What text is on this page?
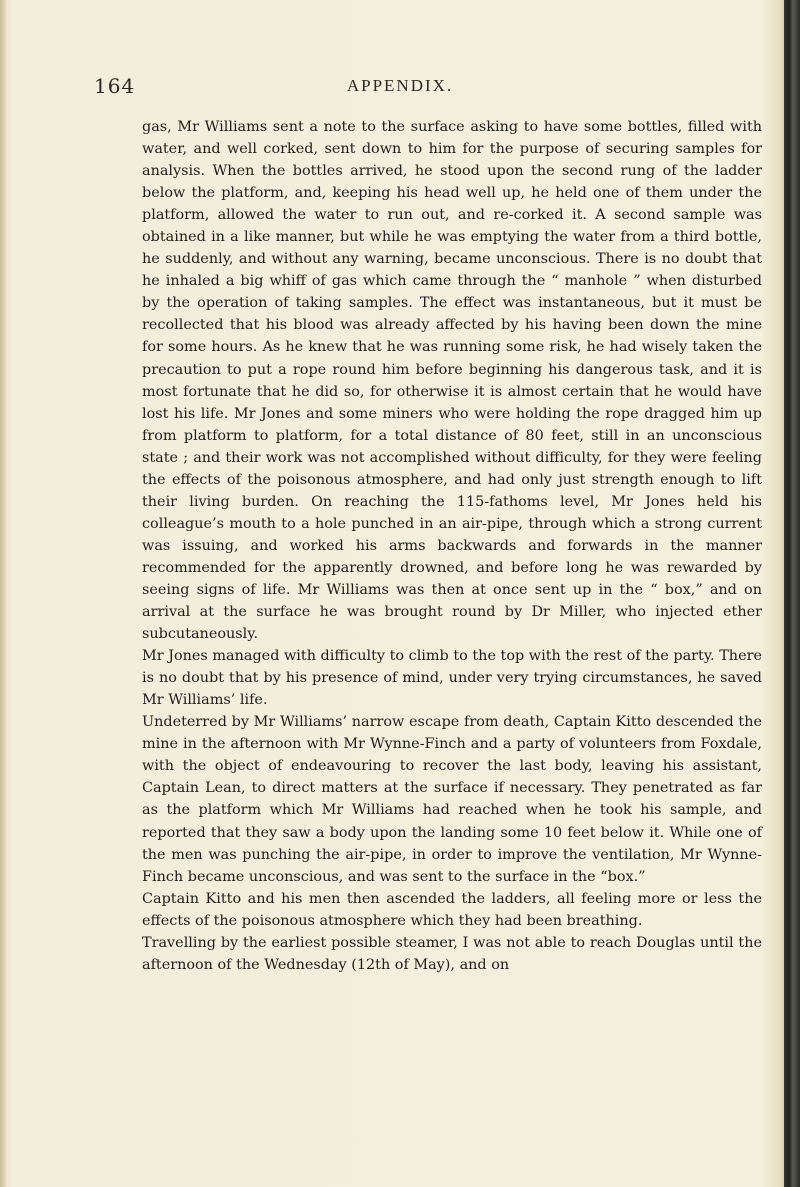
164	APPENDIX.

gas, Mr Williams sent a note to the surface asking to have some bottles, filled with water, and well corked, sent down to him for the purpose of securing samples for analysis. When the bottles arrived, he stood upon the second rung of the ladder below the platform, and, keeping his head well up, he held one of them under the platform, allowed the water to run out, and re-corked it. A second sample was obtained in a like manner, but while he was emptying the water from a third bottle, he suddenly, and without any warning, became unconscious. There is no doubt that he inhaled a big whiff of gas which came through the “ manhole ” when disturbed by the operation of taking samples. The effect was instantaneous, but it must be recollected that his blood was already affected by his having been down the mine for some hours. As he knew that he was running some risk, he had wisely taken the precaution to put a rope round him before beginning his dangerous task, and it is most fortunate that he did so, for otherwise it is almost certain that he would have lost his life. Mr Jones and some miners who were holding the rope dragged him up from platform to platform, for a total distance of 80 feet, still in an unconscious state ; and their work was not accomplished without difficulty, for they were feeling the effects of the poisonous atmosphere, and had only just strength enough to lift their living burden. On reaching the 115-fathoms level, Mr Jones held his colleague’s mouth to a hole punched in an air-pipe, through which a strong current was issuing, and worked his arms backwards and forwards in the manner recommended for the apparently drowned, and before long he was rewarded by seeing signs of life. Mr Williams was then at once sent up in the “ box,” and on arrival at the surface he was brought round by Dr Miller, who injected ether subcutaneously.

Mr Jones managed with difficulty to climb to the top with the rest of the party. There is no doubt that by his presence of mind, under very trying circumstances, he saved Mr Williams’ life.

Undeterred by Mr Williams’ narrow escape from death, Captain Kitto descended the mine in the afternoon with Mr Wynne-Finch and a party of volunteers from Foxdale, with the object of endeavouring to recover the last body, leaving his assistant, Captain Lean, to direct matters at the surface if necessary. They penetrated as far as the platform which Mr Williams had reached when he took his sample, and reported that they saw a body upon the landing some 10 feet below it. While one of the men was punching the air-pipe, in order to improve the ventilation, Mr Wynne-Finch became unconscious, and was sent to the surface in the “box.”

Captain Kitto and his men then ascended the ladders, all feeling more or less the effects of the poisonous atmosphere which they had been breathing.

Travelling by the earliest possible steamer, I was not able to reach Douglas until the afternoon of the Wednesday (12th of May), and on
